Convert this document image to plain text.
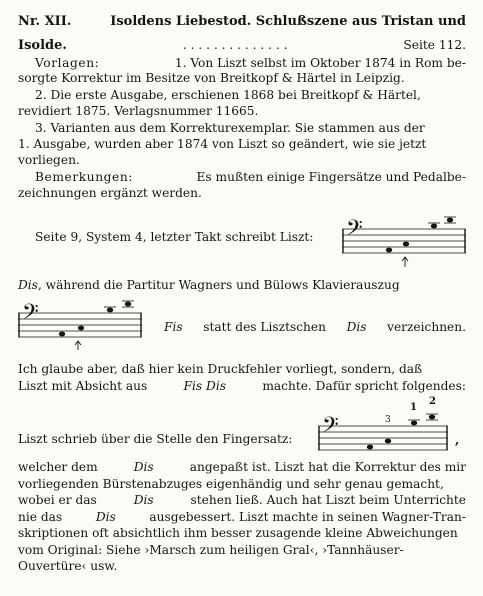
Nr. XII.	Isoldens Liebestod. Schlußszene aus Tristan und
Isolde.	. . . . . . . . . . . . . .	Seite 112.
Vorlagen:	1. Von Liszt selbst im Oktober 1874 in Rom be-
sorgte Korrektur im Besitze von Breitkopf & Härtel in Leipzig.
2. Die erste Ausgabe, erschienen 1868 bei Breitkopf & Härtel,
revidiert 1875. Verlagsnummer 11665.
3. Varianten aus dem Korrekturexemplar. Sie stammen aus der
1. Ausgabe, wurden aber 1874 von Liszt so geändert, wie sie jetzt
vorliegen.
Bemerkungen:	Es mußten einige Fingersätze und Pedalbe-
zeichnungen ergänzt werden.
Seite 9, System 4, letzter Takt schreibt Liszt:	𝄢
Dis, während die Partitur Wagners und Bülows Klavierauszug
𝄢	Fis statt des Lisztschen Dis verzeichnen.
Ich glaube aber, daß hier kein Druckfehler vorliegt, sondern, daß
Liszt mit Absicht aus	Fis Dis	machte. Dafür spricht folgendes:
Liszt schrieb über die Stelle den Fingersatz:	𝄢	3
1
2
,
welcher dem	Dis	angepaßt ist. Liszt hat die Korrektur des mir
vorliegenden Bürstenabzuges eigenhändig und sehr genau gemacht,
wobei er das	Dis	stehen ließ. Auch hat Liszt beim Unterrichte
nie das	Dis	ausgebessert. Liszt machte in seinen Wagner-Tran-
skriptionen oft absichtlich ihm besser zusagende kleine Abweichungen
vom Original: Siehe ›Marsch zum heiligen Gral‹, ›Tannhäuser-
Ouvertüre‹ usw.
